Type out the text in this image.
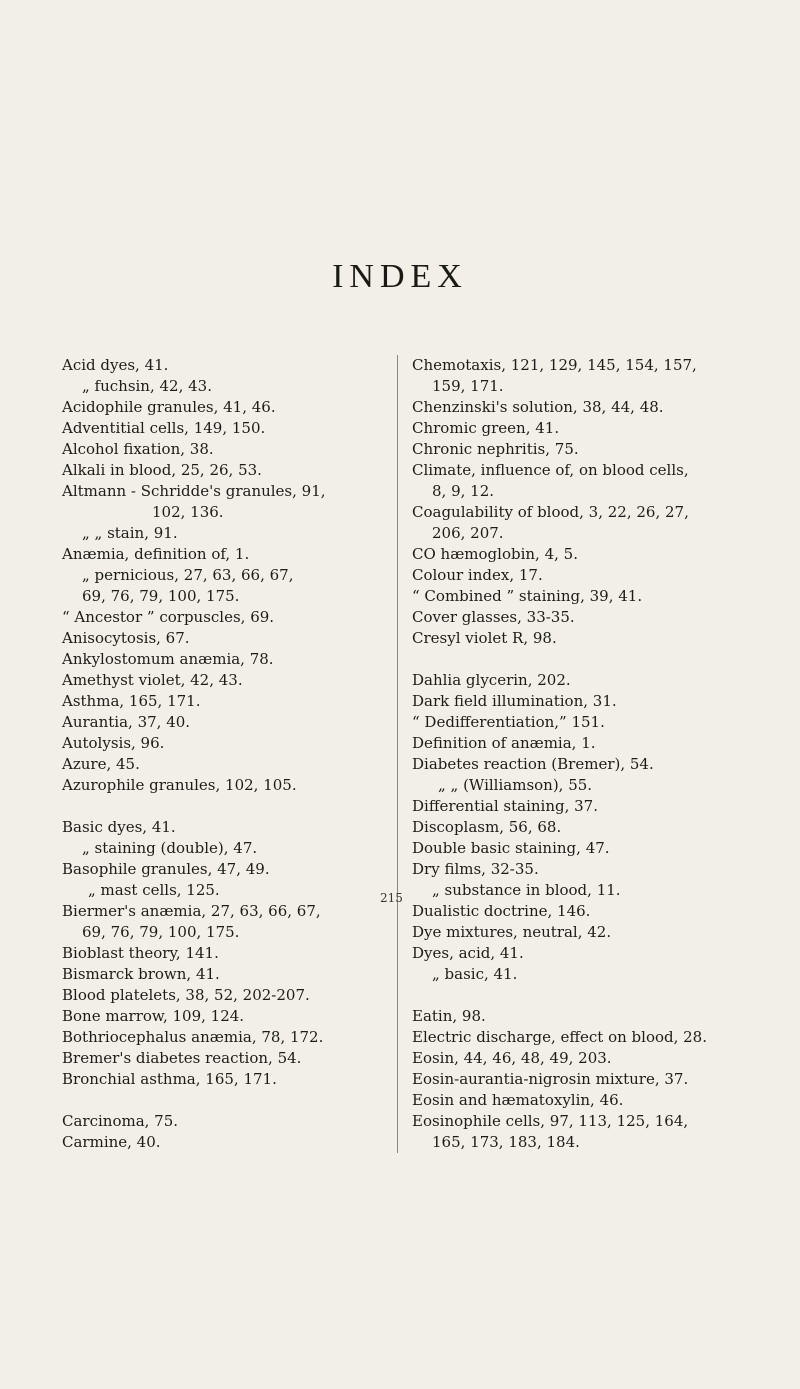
INDEX
Acid dyes, 41.
„ fuchsin, 42, 43.
Acidophile granules, 41, 46.
Adventitial cells, 149, 150.
Alcohol fixation, 38.
Alkali in blood, 25, 26, 53.
Altmann - Schridde's granules, 91,
102, 136.
„ „ stain, 91.
Anæmia, definition of, 1.
„ pernicious, 27, 63, 66, 67,
69, 76, 79, 100, 175.
“ Ancestor ” corpuscles, 69.
Anisocytosis, 67.
Ankylostomum anæmia, 78.
Amethyst violet, 42, 43.
Asthma, 165, 171.
Aurantia, 37, 40.
Autolysis, 96.
Azure, 45.
Azurophile granules, 102, 105.
Basic dyes, 41.
„ staining (double), 47.
Basophile granules, 47, 49.
„ mast cells, 125.
Biermer's anæmia, 27, 63, 66, 67,
69, 76, 79, 100, 175.
Bioblast theory, 141.
Bismarck brown, 41.
Blood platelets, 38, 52, 202-207.
Bone marrow, 109, 124.
Bothriocephalus anæmia, 78, 172.
Bremer's diabetes reaction, 54.
Bronchial asthma, 165, 171.
Carcinoma, 75.
Carmine, 40.
Chemotaxis, 121, 129, 145, 154, 157,
159, 171.
Chenzinski's solution, 38, 44, 48.
Chromic green, 41.
Chronic nephritis, 75.
Climate, influence of, on blood cells,
8, 9, 12.
Coagulability of blood, 3, 22, 26, 27,
206, 207.
CO hæmoglobin, 4, 5.
Colour index, 17.
“ Combined ” staining, 39, 41.
Cover glasses, 33-35.
Cresyl violet R, 98.
Dahlia glycerin, 202.
Dark field illumination, 31.
“ Dedifferentiation,” 151.
Definition of anæmia, 1.
Diabetes reaction (Bremer), 54.
„ „ (Williamson), 55.
Differential staining, 37.
Discoplasm, 56, 68.
Double basic staining, 47.
Dry films, 32-35.
„ substance in blood, 11.
Dualistic doctrine, 146.
Dye mixtures, neutral, 42.
Dyes, acid, 41.
„ basic, 41.
Eatin, 98.
Electric discharge, effect on blood, 28.
Eosin, 44, 46, 48, 49, 203.
Eosin-aurantia-nigrosin mixture, 37.
Eosin and hæmatoxylin, 46.
Eosinophile cells, 97, 113, 125, 164,
165, 173, 183, 184.
215
